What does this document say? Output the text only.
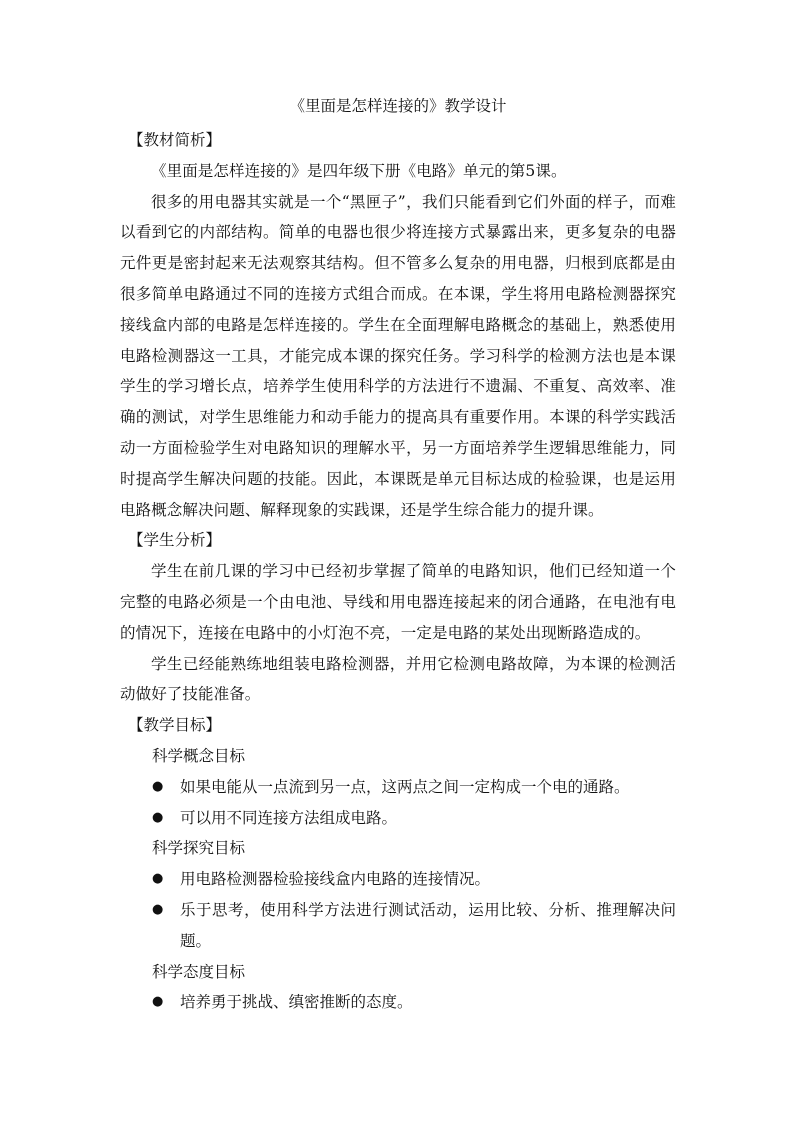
《里面是怎样连接的》教学设计
【教材简析】

《里面是怎样连接的》是四年级下册《电路》单元的第5课。

很多的用电器其实就是一个“黑匣子”，我们只能看到它们外面的样子，而难以看到它的内部结构。简单的电器也很少将连接方式暴露出来，更多复杂的电器元件更是密封起来无法观察其结构。但不管多么复杂的用电器，归根到底都是由很多简单电路通过不同的连接方式组合而成。在本课，学生将用电路检测器探究接线盒内部的电路是怎样连接的。学生在全面理解电路概念的基础上，熟悉使用电路检测器这一工具，才能完成本课的探究任务。学习科学的检测方法也是本课学生的学习增长点，培养学生使用科学的方法进行不遗漏、不重复、高效率、准确的测试，对学生思维能力和动手能力的提高具有重要作用。本课的科学实践活动一方面检验学生对电路知识的理解水平，另一方面培养学生逻辑思维能力，同时提高学生解决问题的技能。因此，本课既是单元目标达成的检验课，也是运用电路概念解决问题、解释现象的实践课，还是学生综合能力的提升课。

【学生分析】

学生在前几课的学习中已经初步掌握了简单的电路知识，他们已经知道一个完整的电路必须是一个由电池、导线和用电器连接起来的闭合通路，在电池有电的情况下，连接在电路中的小灯泡不亮，一定是电路的某处出现断路造成的。

学生已经能熟练地组装电路检测器，并用它检测电路故障，为本课的检测活动做好了技能准备。

【教学目标】
科学概念目标
● 如果电能从一点流到另一点，这两点之间一定构成一个电的通路。
● 可以用不同连接方法组成电路。
科学探究目标
● 用电路检测器检验接线盒内电路的连接情况。
● 乐于思考，使用科学方法进行测试活动，运用比较、分析、推理解决问题。
科学态度目标
● 培养勇于挑战、缜密推断的态度。
